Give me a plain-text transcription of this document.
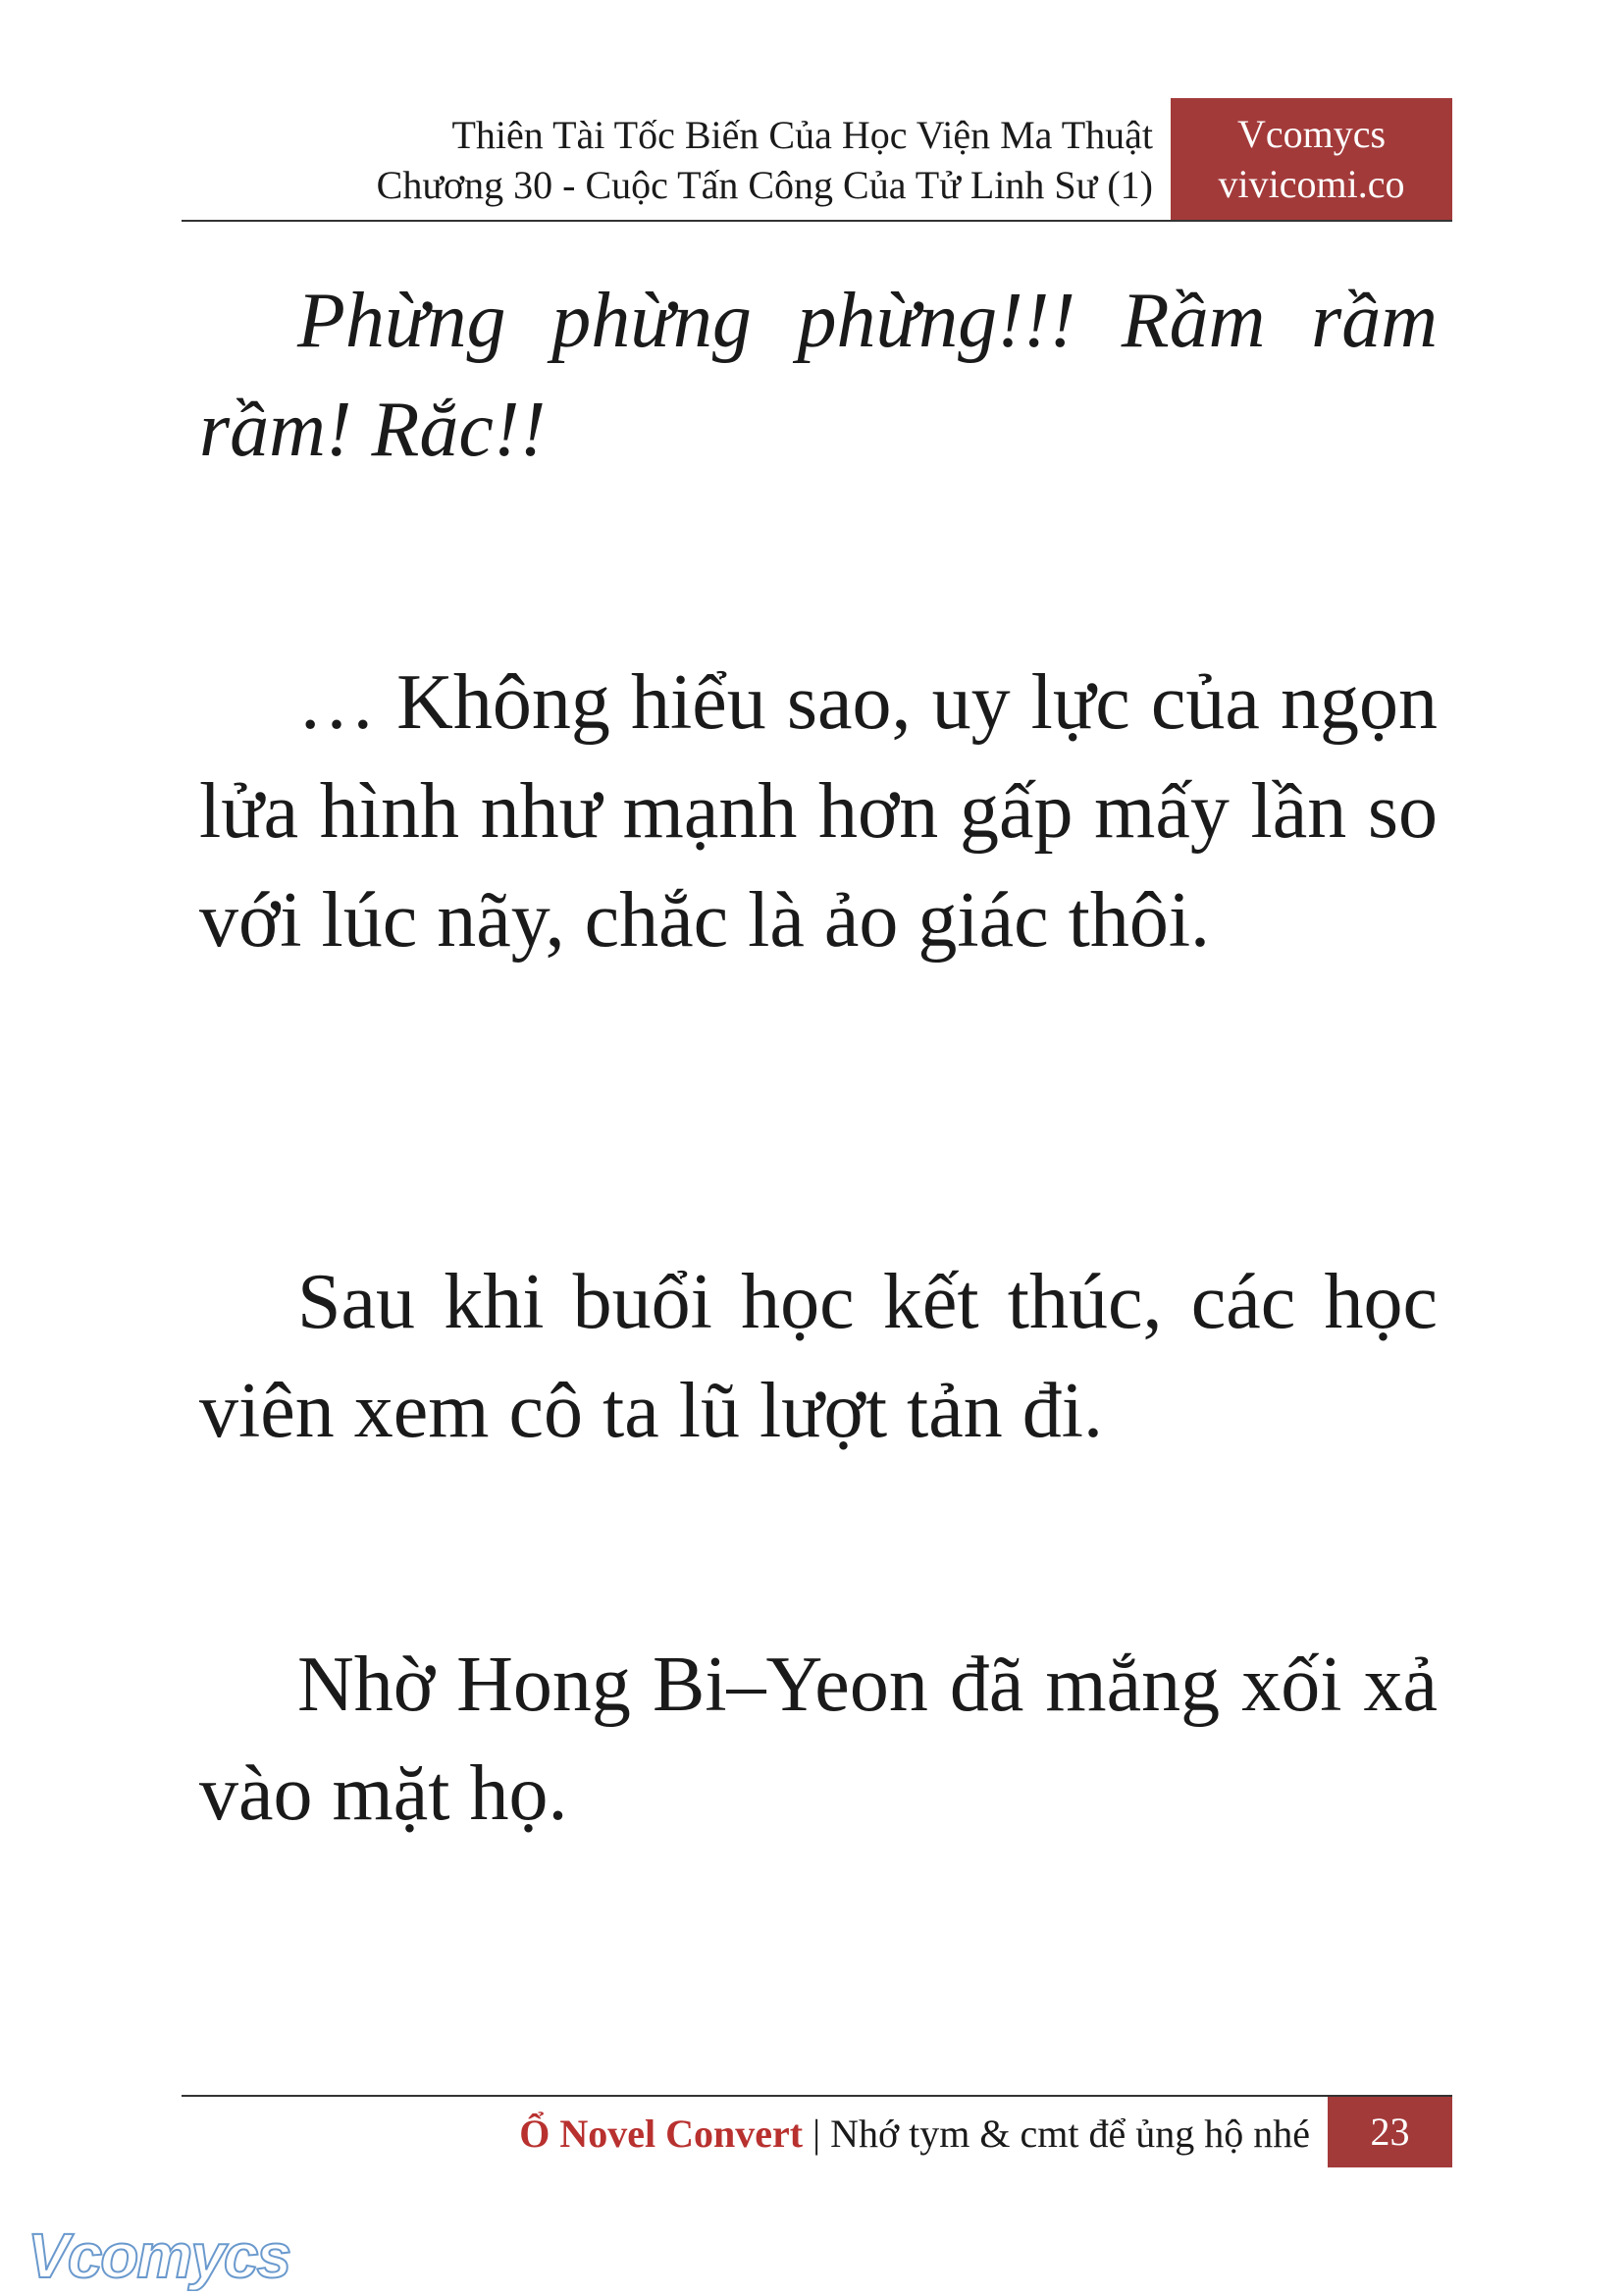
Thiên Tài Tốc Biến Của Học Viện Ma Thuật
Chương 30 - Cuộc Tấn Công Của Tử Linh Sư (1)
Vcomycs
vivicomi.co

Phừng phừng phừng!!! Rầm rầm rầm! Rắc!!

… Không hiểu sao, uy lực của ngọn lửa hình như mạnh hơn gấp mấy lần so với lúc nãy, chắc là ảo giác thôi.

Sau khi buổi học kết thúc, các học viên xem cô ta lũ lượt tản đi.

Nhờ Hong Bi–Yeon đã mắng xối xả vào mặt họ.

Ổ Novel Convert | Nhớ tym & cmt để ủng hộ nhé	23
Vcomycs
